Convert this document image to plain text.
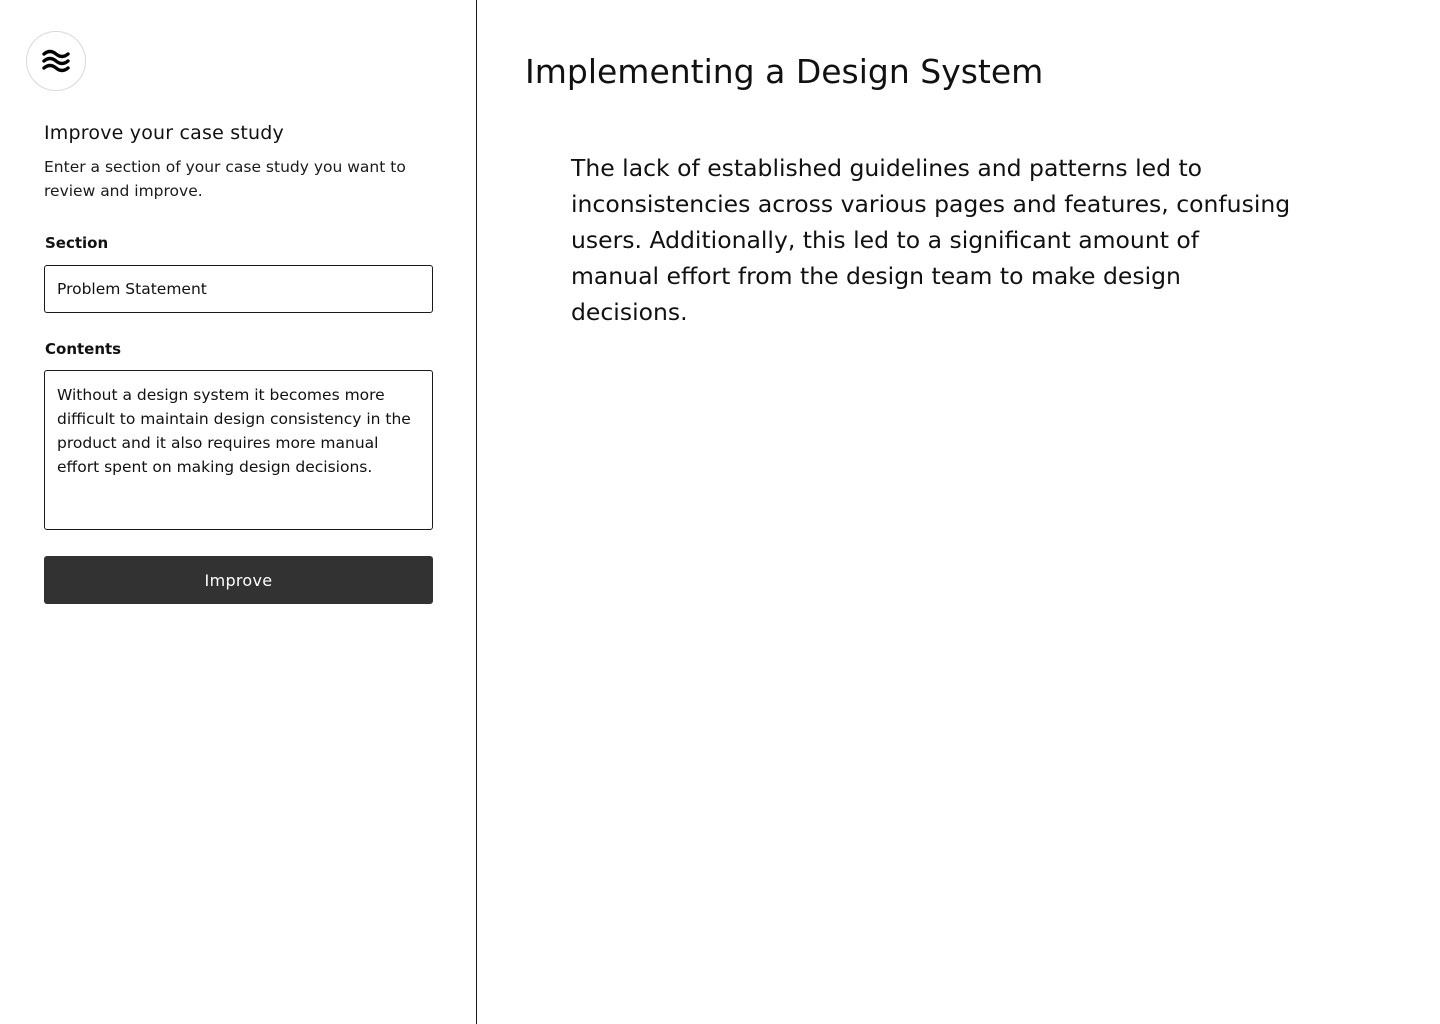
Improve your case study

Enter a section of your case study you want to review and improve.

Section
Problem Statement
Contents
Without a design system it becomes more difficult to maintain design consistency in the product and it also requires more manual effort spent on making design decisions.
Improve
Implementing a Design System

The lack of established guidelines and patterns led to inconsistencies across various pages and features, confusing users. Additionally, this led to a significant amount of manual effort from the design team to make design decisions.
